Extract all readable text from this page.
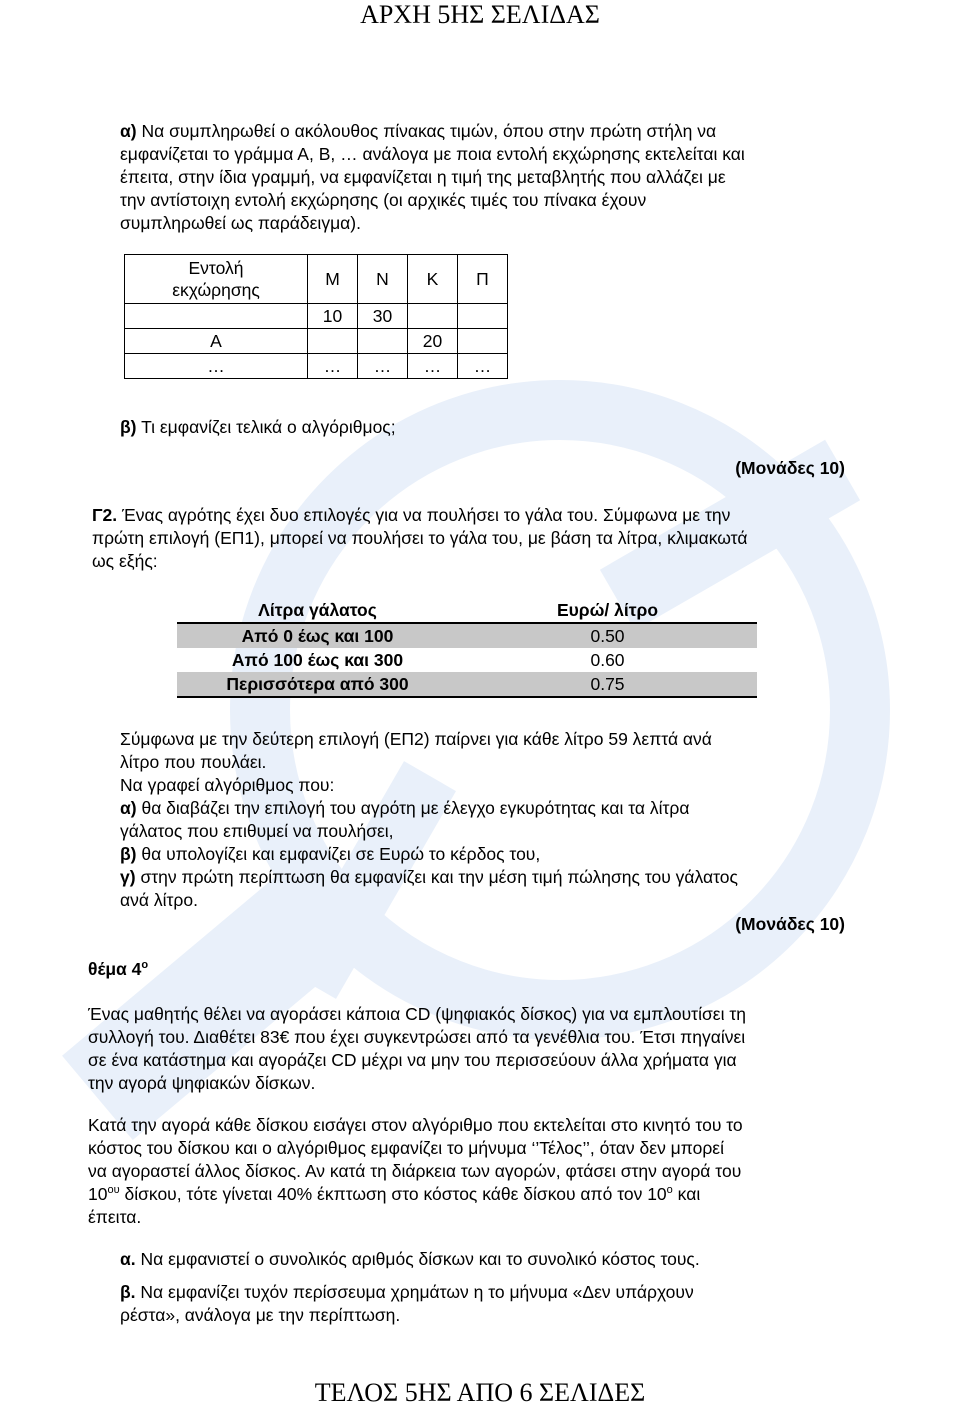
ΑΡΧΗ 5ΗΣ ΣΕΛΙΔΑΣ
α) Να συμπληρωθεί ο ακόλουθος πίνακας τιμών, όπου στην πρώτη στήλη να
εμφανίζεται το γράμμα Α, Β, … ανάλογα με ποια εντολή εκχώρησης εκτελείται και
έπειτα, στην ίδια γραμμή, να εμφανίζεται η τιμή της μεταβλητής που αλλάζει με
την αντίστοιχη εντολή εκχώρησης (οι αρχικές τιμές του πίνακα έχουν
συμπληρωθεί ως παράδειγμα).
Εντολή
εκχώρησης	Μ	Ν	Κ	Π
	10	30		
Α			20	
…	…	…	…	…
β) Τι εμφανίζει τελικά ο αλγόριθμος;
(Μονάδες 10)
Γ2. Ένας αγρότης έχει δυο επιλογές για να πουλήσει το γάλα του. Σύμφωνα με την
πρώτη επιλογή (ΕΠ1), μπορεί να πουλήσει το γάλα του, με βάση τα λίτρα, κλιμακωτά
ως εξής:
Λίτρα γάλατος	Ευρώ/ λίτρο
Από 0 έως και 100	0.50
Από 100 έως και 300	0.60
Περισσότερα από 300	0.75
Σύμφωνα με την δεύτερη επιλογή (ΕΠ2) παίρνει για κάθε λίτρο 59 λεπτά ανά
λίτρο που πουλάει.
Να γραφεί αλγόριθμος που:
α) θα διαβάζει την επιλογή του αγρότη με έλεγχο εγκυρότητας και τα λίτρα
γάλατος που επιθυμεί να πουλήσει,
β) θα υπολογίζει και εμφανίζει σε Ευρώ το κέρδος του,
γ) στην πρώτη περίπτωση θα εμφανίζει και την μέση τιμή πώλησης του γάλατος
ανά λίτρο.
(Μονάδες 10)
θέμα $4^o$
Ένας μαθητής θέλει να αγοράσει κάποια CD (ψηφιακός δίσκος) για να εμπλουτίσει τη
συλλογή του. Διαθέτει 83€ που έχει συγκεντρώσει από τα γενέθλια του. Έτσι πηγαίνει
σε ένα κατάστημα και αγοράζει CD μέχρι να μην του περισσεύουν άλλα χρήματα για
την αγορά ψηφιακών δίσκων.
Κατά την αγορά κάθε δίσκου εισάγει στον αλγόριθμο που εκτελείται στο κινητό του το
κόστος του δίσκου και ο αλγόριθμος εμφανίζει το μήνυμα ‘’Τέλος’’, όταν δεν μπορεί
να αγοραστεί άλλος δίσκος. Αν κατά τη διάρκεια των αγορών, φτάσει στην αγορά του
$10^{o\upsilon}$ δίσκου, τότε γίνεται 40% έκπτωση στο κόστος κάθε δίσκου από τον $10^o$ και
έπειτα.
α. Να εμφανιστεί ο συνολικός αριθμός δίσκων και το συνολικό κόστος τους.
β. Να εμφανίζει τυχόν περίσσευμα χρημάτων η το μήνυμα «Δεν υπάρχουν
ρέστα», ανάλογα με την περίπτωση.
ΤΕΛΟΣ 5ΗΣ ΑΠΟ 6 ΣΕΛΙΔΕΣ
